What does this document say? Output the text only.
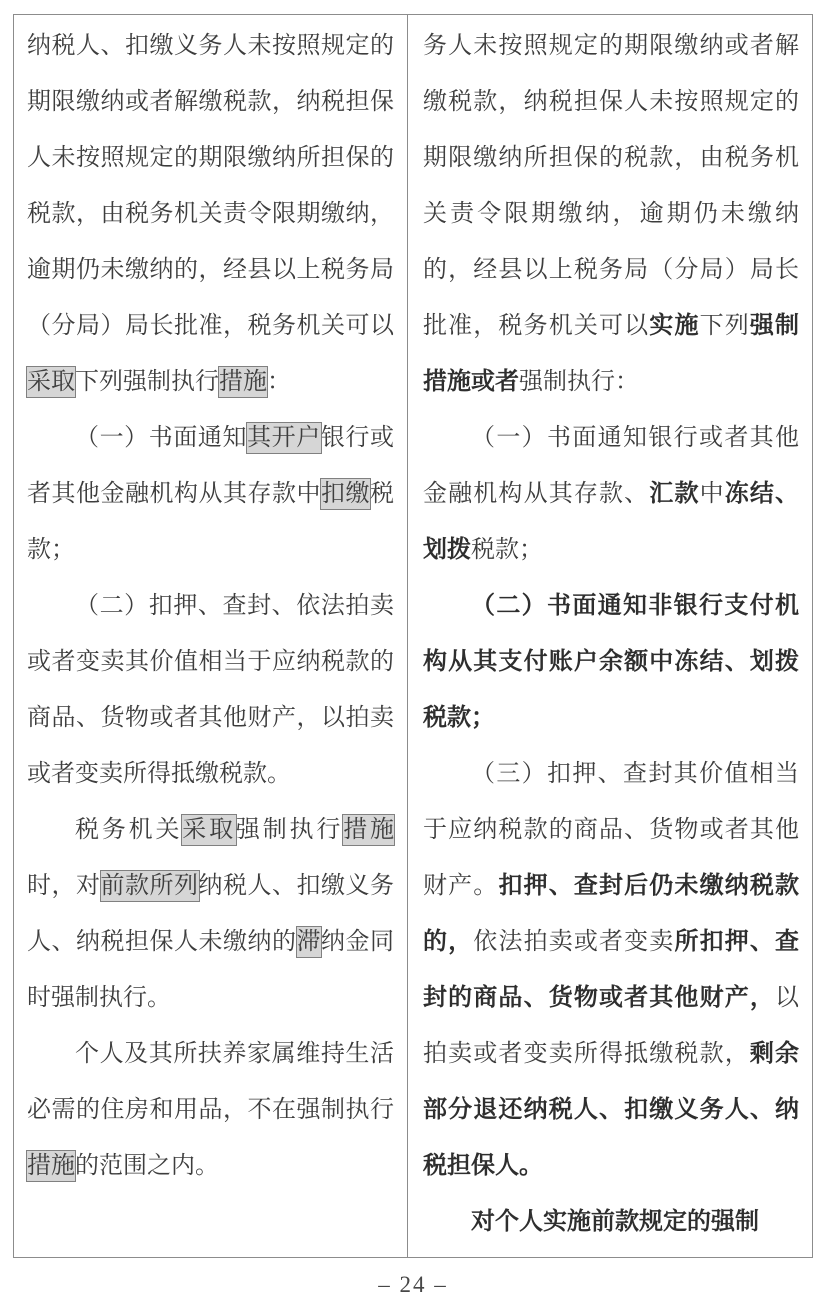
纳税人、扣缴义务人未按照规定的期限缴纳或者解缴税款，纳税担保人未按照规定的期限缴纳所担保的税款，由税务机关责令限期缴纳，逾期仍未缴纳的，经县以上税务局（分局）局长批准，税务机关可以采取下列强制执行措施：

（一）书面通知其开户银行或者其他金融机构从其存款中扣缴税款；

（二）扣押、查封、依法拍卖或者变卖其价值相当于应纳税款的商品、货物或者其他财产，以拍卖或者变卖所得抵缴税款。

税务机关采取强制执行措施时，对前款所列纳税人、扣缴义务人、纳税担保人未缴纳的滞纳金同时强制执行。

个人及其所扶养家属维持生活必需的住房和用品，不在强制执行措施的范围之内。

务人未按照规定的期限缴纳或者解缴税款，纳税担保人未按照规定的期限缴纳所担保的税款，由税务机关责令限期缴纳，逾期仍未缴纳的，经县以上税务局（分局）局长批准，税务机关可以实施下列强制措施或者强制执行：

（一）书面通知银行或者其他金融机构从其存款、汇款中冻结、划拨税款；

（二）书面通知非银行支付机构从其支付账户余额中冻结、划拨税款；

（三）扣押、查封其价值相当于应纳税款的商品、货物或者其他财产。扣押、查封后仍未缴纳税款的，依法拍卖或者变卖所扣押、查封的商品、货物或者其他财产，以拍卖或者变卖所得抵缴税款，剩余部分退还纳税人、扣缴义务人、纳税担保人。

对个人实施前款规定的强制

– 24 –
